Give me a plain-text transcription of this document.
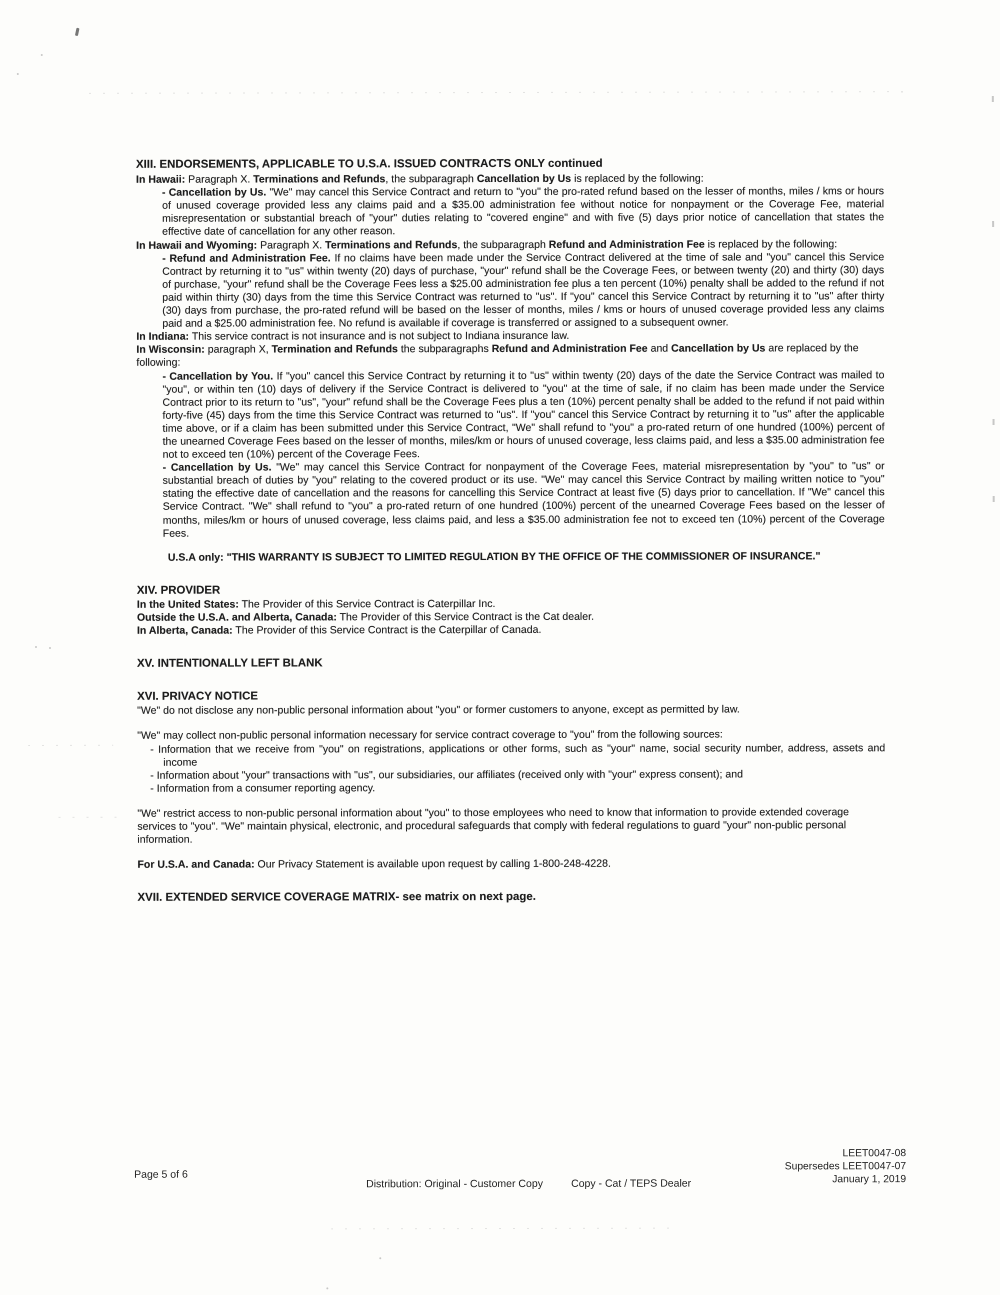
XIII. ENDORSEMENTS, APPLICABLE TO U.S.A. ISSUED CONTRACTS ONLY continued
In Hawaii: Paragraph X. Terminations and Refunds, the subparagraph Cancellation by Us is replaced by the following:
- Cancellation by Us. "We" may cancel this Service Contract and return to "you" the pro-rated refund based on the lesser of months, miles / kms or hours of unused coverage provided less any claims paid and a $35.00 administration fee without notice for nonpayment or the Coverage Fee, material misrepresentation or substantial breach of "your" duties relating to "covered engine" and with five (5) days prior notice of cancellation that states the effective date of cancellation for any other reason.
In Hawaii and Wyoming: Paragraph X. Terminations and Refunds, the subparagraph Refund and Administration Fee is replaced by the following:
- Refund and Administration Fee. If no claims have been made under the Service Contract delivered at the time of sale and "you" cancel this Service Contract by returning it to "us" within twenty (20) days of purchase, "your" refund shall be the Coverage Fees, or between twenty (20) and thirty (30) days of purchase, "your" refund shall be the Coverage Fees less a $25.00 administration fee plus a ten percent (10%) penalty shall be added to the refund if not paid within thirty (30) days from the time this Service Contract was returned to "us". If "you" cancel this Service Contract by returning it to "us" after thirty (30) days from purchase, the pro-rated refund will be based on the lesser of months, miles / kms or hours of unused coverage provided less any claims paid and a $25.00 administration fee. No refund is available if coverage is transferred or assigned to a subsequent owner.
In Indiana: This service contract is not insurance and is not subject to Indiana insurance law.
In Wisconsin: paragraph X, Termination and Refunds the subparagraphs Refund and Administration Fee and Cancellation by Us are replaced by the following:
- Cancellation by You. If "you" cancel this Service Contract by returning it to "us" within twenty (20) days of the date the Service Contract was mailed to "you", or within ten (10) days of delivery if the Service Contract is delivered to "you" at the time of sale, if no claim has been made under the Service Contract prior to its return to "us", "your" refund shall be the Coverage Fees plus a ten (10%) percent penalty shall be added to the refund if not paid within forty-five (45) days from the time this Service Contract was returned to "us". If "you" cancel this Service Contract by returning it to "us" after the applicable time above, or if a claim has been submitted under this Service Contract, "We" shall refund to "you" a pro-rated return of one hundred (100%) percent of the unearned Coverage Fees based on the lesser of months, miles/km or hours of unused coverage, less claims paid, and less a $35.00 administration fee not to exceed ten (10%) percent of the Coverage Fees.
- Cancellation by Us. "We" may cancel this Service Contract for nonpayment of the Coverage Fees, material misrepresentation by "you" to "us" or substantial breach of duties by "you" relating to the covered product or its use. "We" may cancel this Service Contract by mailing written notice to "you" stating the effective date of cancellation and the reasons for cancelling this Service Contract at least five (5) days prior to cancellation. If "We" cancel this Service Contract. "We" shall refund to "you" a pro-rated return of one hundred (100%) percent of the unearned Coverage Fees based on the lesser of months, miles/km or hours of unused coverage, less claims paid, and less a $35.00 administration fee not to exceed ten (10%) percent of the Coverage Fees.
U.S.A only: "THIS WARRANTY IS SUBJECT TO LIMITED REGULATION BY THE OFFICE OF THE COMMISSIONER OF INSURANCE."
XIV. PROVIDER
In the United States: The Provider of this Service Contract is Caterpillar Inc.
Outside the U.S.A. and Alberta, Canada: The Provider of this Service Contract is the Cat dealer.
In Alberta, Canada: The Provider of this Service Contract is the Caterpillar of Canada.
XV. INTENTIONALLY LEFT BLANK
XVI. PRIVACY NOTICE
"We" do not disclose any non-public personal information about "you" or former customers to anyone, except as permitted by law.
"We" may collect non-public personal information necessary for service contract coverage to "you" from the following sources:
- Information that we receive from "you" on registrations, applications or other forms, such as "your" name, social security number, address, assets and income
- Information about "your" transactions with "us", our subsidiaries, our affiliates (received only with "your" express consent); and
- Information from a consumer reporting agency.
"We" restrict access to non-public personal information about "you" to those employees who need to know that information to provide extended coverage services to "you". "We" maintain physical, electronic, and procedural safeguards that comply with federal regulations to guard "your" non-public personal information.
For U.S.A. and Canada: Our Privacy Statement is available upon request by calling 1-800-248-4228.
XVII. EXTENDED SERVICE COVERAGE MATRIX- see matrix on next page.
Page 5 of 6
Distribution: Original - Customer Copy	Copy - Cat / TEPS Dealer
LEET0047-08
Supersedes LEET0047-07
January 1, 2019
